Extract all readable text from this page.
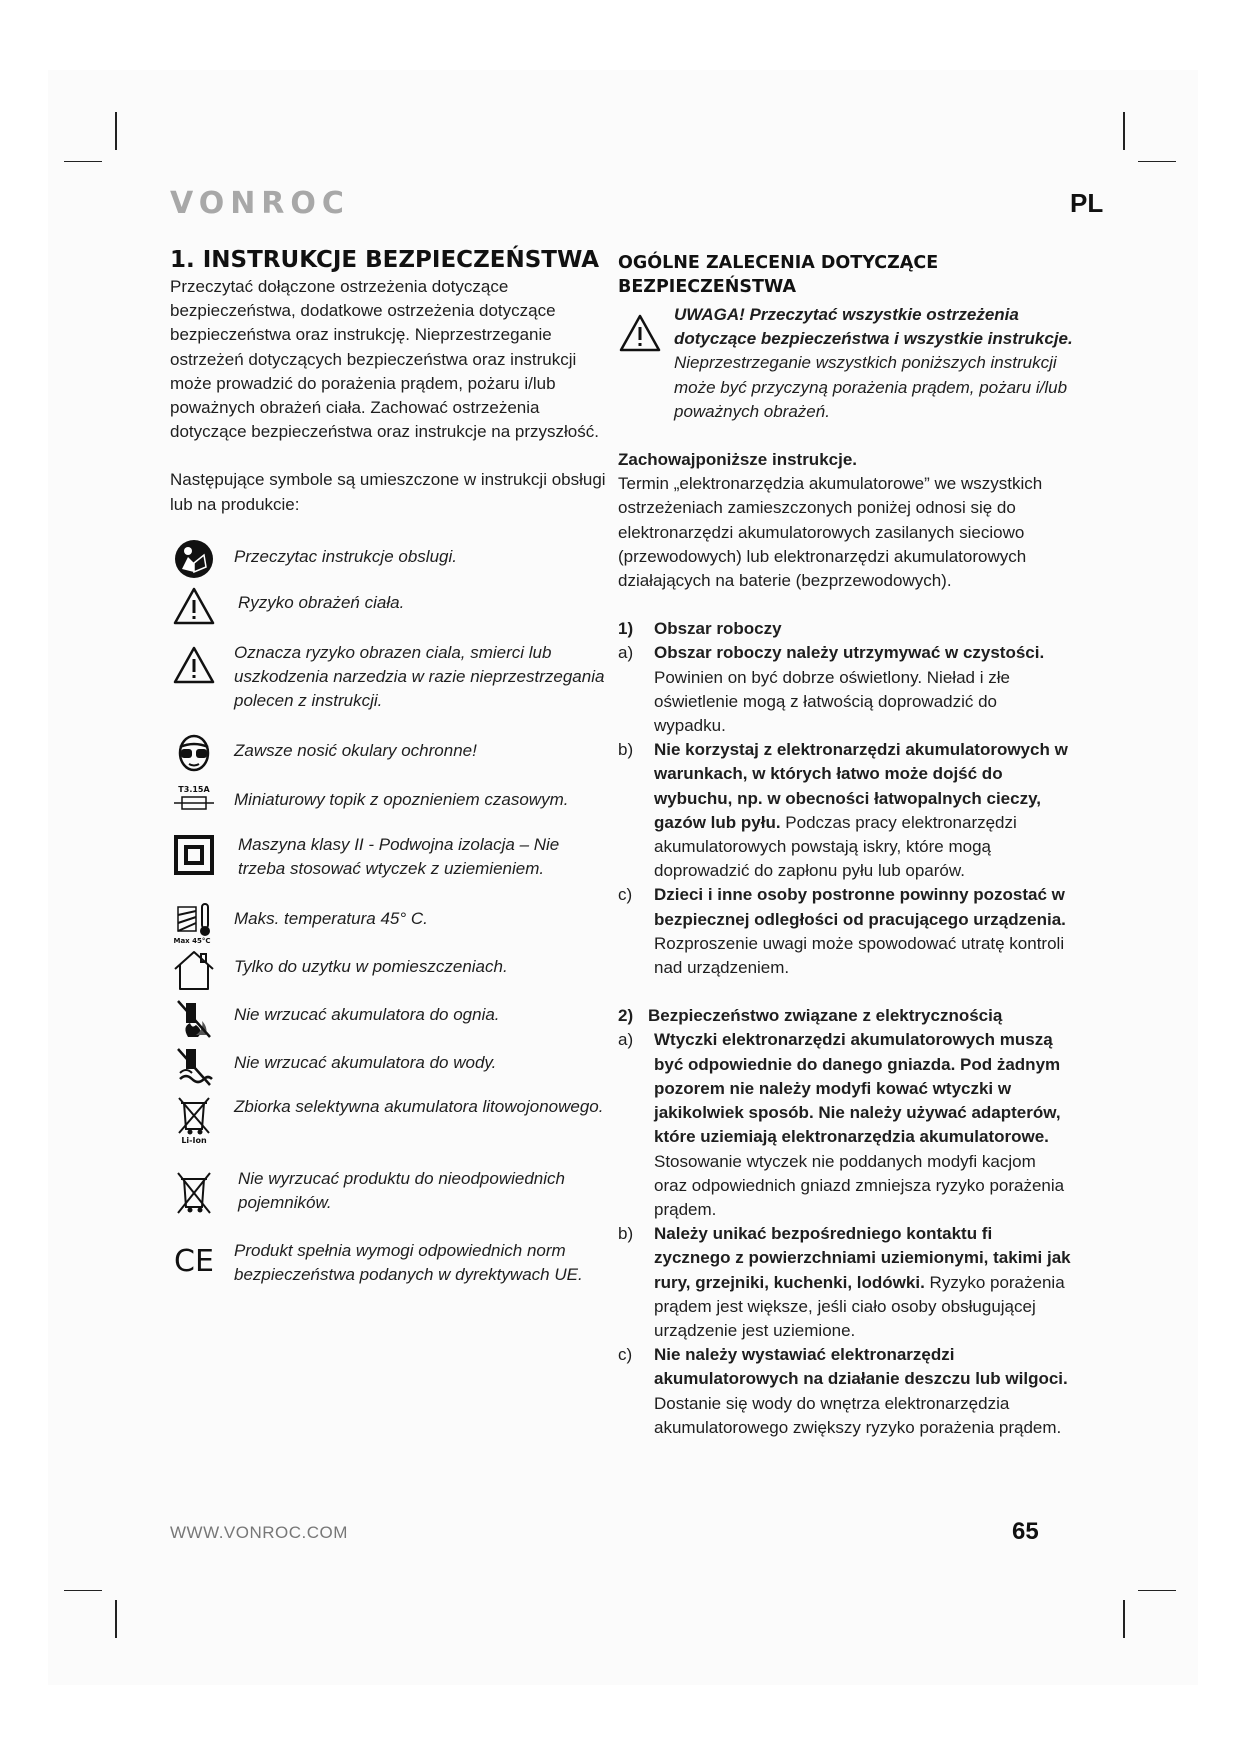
VONROC	PL
1. INSTRUKCJE BEZPIECZEŃSTWA

Przeczytać dołączone ostrzeżenia dotyczące bezpieczeństwa, dodatkowe ostrzeżenia dotyczące bezpieczeństwa oraz instrukcję. Nieprzestrzeganie ostrzeżeń dotyczących bezpieczeństwa oraz instrukcji może prowadzić do porażenia prądem, pożaru i/lub poważnych obrażeń ciała. Zachować ostrzeżenia dotyczące bezpieczeństwa oraz instrukcje na przyszłość.

Następujące symbole są umieszczone w instrukcji obsługi lub na produkcie:

Przeczytac instrukcje obslugi.
Ryzyko obrażeń ciała.
Oznacza ryzyko obrazen ciala, smierci lub uszkodzenia narzedzia w razie nieprzestrzegania polecen z instrukcji.
Zawsze nosić okulary ochronne!
T3.15A
Miniaturowy topik z opoznieniem czasowym.
Maszyna klasy II - Podwojna izolacja – Nie trzeba stosować wtyczek z uziemieniem.
Max 45°C
Maks. temperatura 45° C.
Tylko do uzytku w pomieszczeniach.
Nie wrzucać akumulatora do ognia.
Nie wrzucać akumulatora do wody.
Li-Ion
Zbiorka selektywna akumulatora litowojonowego.
Nie wyrzucać produktu do nieodpowiednich pojemników.
CE Produkt spełnia wymogi odpowiednich norm bezpieczeństwa podanych w dyrektywach UE.
OGÓLNE ZALECENIA DOTYCZĄCE BEZPIECZEŃSTWA

UWAGA! Przeczytać wszystkie ostrzeżenia dotyczące bezpieczeństwa i wszystkie instrukcje. Nieprzestrzeganie wszystkich poniższych instrukcji może być przyczyną porażenia prądem, pożaru i/lub poważnych obrażeń.

Zachowajponiższe instrukcje.

Termin „elektronarzędzia akumulatorowe” we wszystkich ostrzeżeniach zamieszczonych poniżej odnosi się do elektronarzędzi akumulatorowych zasilanych sieciowo (przewodowych) lub elektronarzędzi akumulatorowych działających na baterie (bezprzewodowych).

1)	Obszar roboczy
a)	Obszar roboczy należy utrzymywać w czystości. Powinien on być dobrze oświetlony. Nieład i złe oświetlenie mogą z łatwością doprowadzić do wypadku.

b)	Nie korzystaj z elektronarzędzi akumulatorowych w warunkach, w których łatwo może dojść do wybuchu, np. w obecności łatwopalnych cieczy, gazów lub pyłu. Podczas pracy elektronarzędzi akumulatorowych powstają iskry, które mogą doprowadzić do zapłonu pyłu lub oparów.

c)	Dzieci i inne osoby postronne powinny pozostać w bezpiecznej odległości od pracującego urządzenia. Rozproszenie uwagi może spowodować utratę kontroli nad urządzeniem.

2) Bezpieczeństwo związane z elektrycznością
a)	Wtyczki elektronarzędzi akumulatorowych muszą być odpowiednie do danego gniazda. Pod żadnym pozorem nie należy modyfi kować wtyczki w jakikolwiek sposób. Nie należy używać adapterów, które uziemiają elektronarzędzia akumulatorowe. Stosowanie wtyczek nie poddanych modyfi kacjom oraz odpowiednich gniazd zmniejsza ryzyko porażenia prądem.

b)	Należy unikać bezpośredniego kontaktu fi zycznego z powierzchniami uziemionymi, takimi jak rury, grzejniki, kuchenki, lodówki. Ryzyko porażenia prądem jest większe, jeśli ciało osoby obsługującej urządzenie jest uziemione.

c)	Nie należy wystawiać elektronarzędzi akumulatorowych na działanie deszczu lub wilgoci. Dostanie się wody do wnętrza elektronarzędzia akumulatorowego zwiększy ryzyko porażenia prądem.

WWW.VONROC.COM	65
